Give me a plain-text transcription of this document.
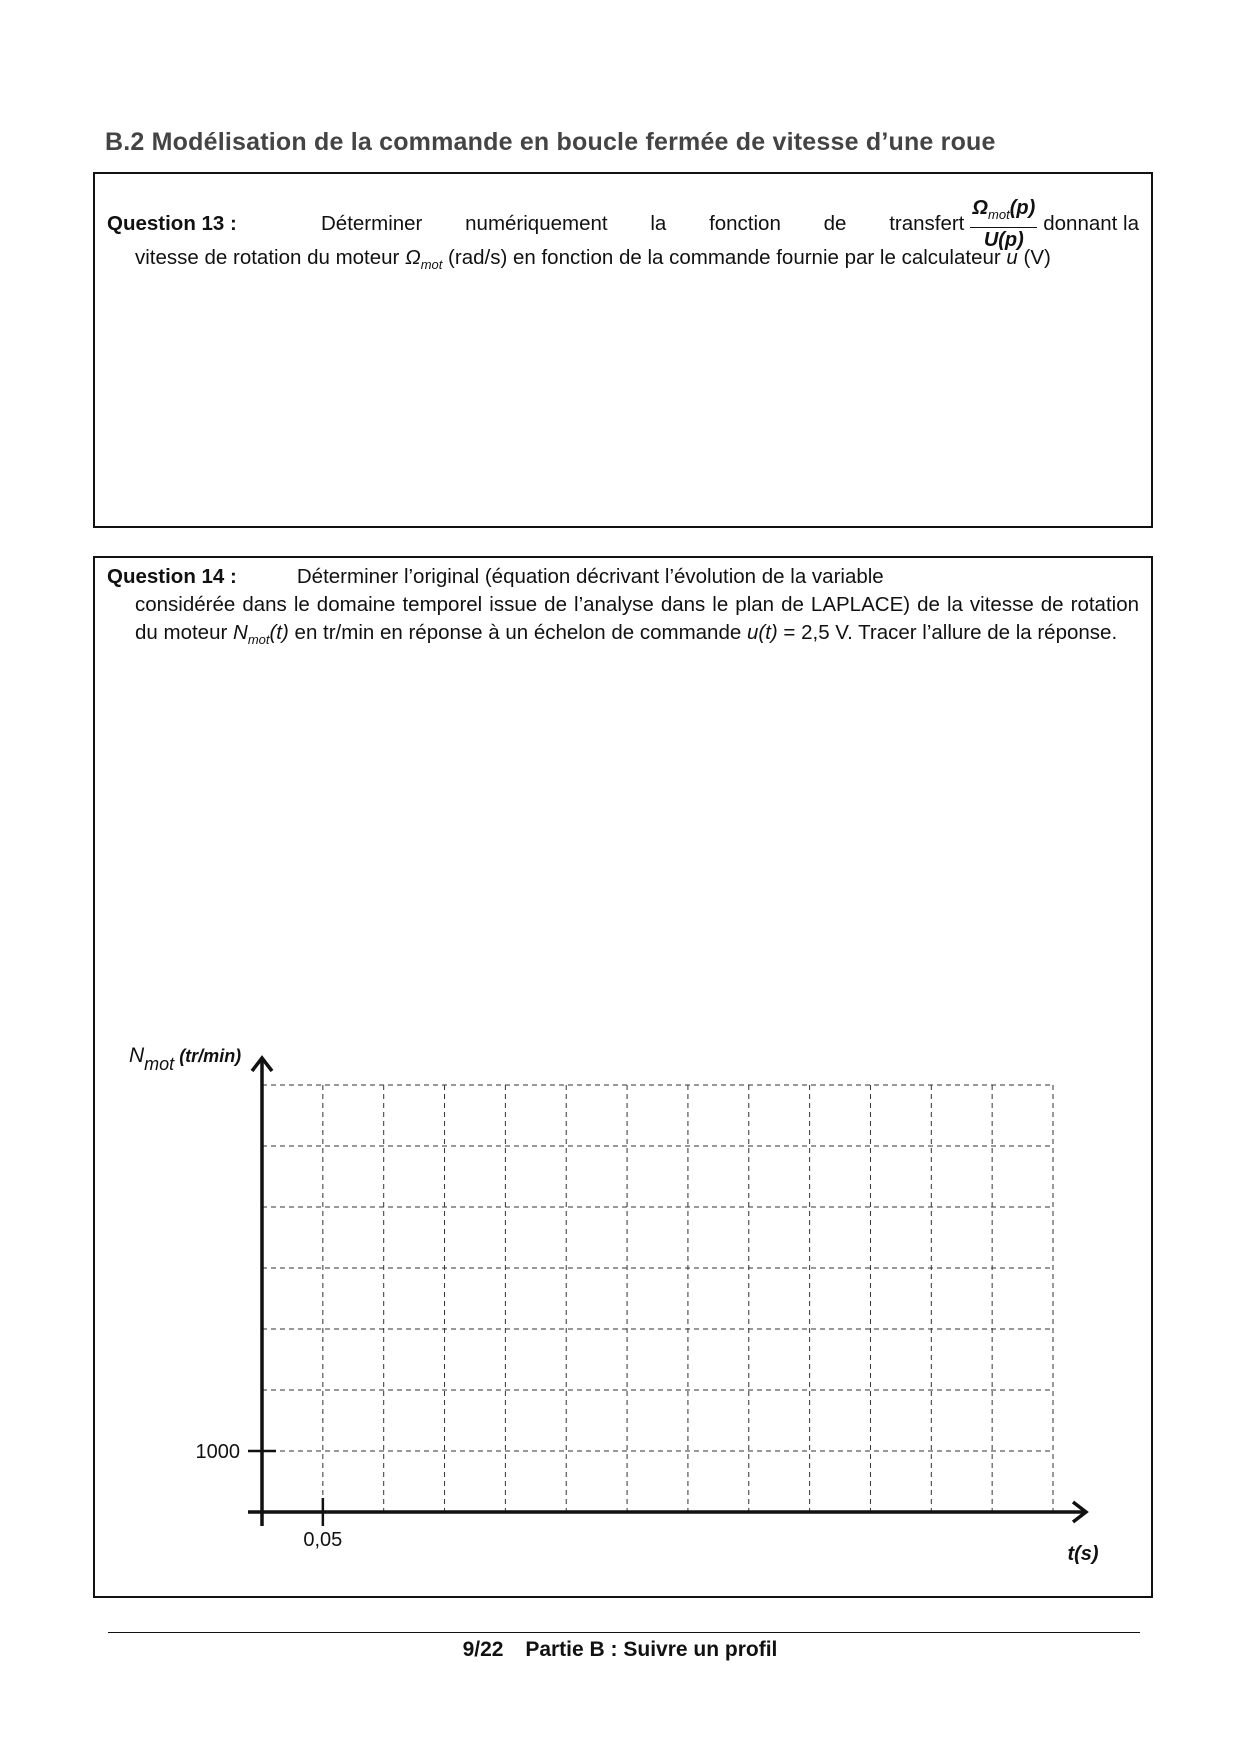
B.2 Modélisation de la commande en boucle fermée de vitesse d’une roue
Question 13 :	Déterminer numériquement la fonction de transfert $\frac{\Omega_{mot}(p)}{U(p)}$ donnant la
vitesse de rotation du moteur $\Omega_{mot}$ (rad/s) en fonction de la commande fournie par le calculateur u (V)
Question 14 :	Déterminer l’original (équation décrivant l’évolution de la variable
considérée dans le domaine temporel issue de l’analyse dans le plan de LAPLACE) de la vitesse de rotation du moteur $N_{mot}(t)$ en tr/min en réponse à un échelon de commande u(t) = 2,5 V. Tracer l’allure de la réponse.
1000
0,05
Nmot (tr/min)
t(s)
9/22 Partie B : Suivre un profil
